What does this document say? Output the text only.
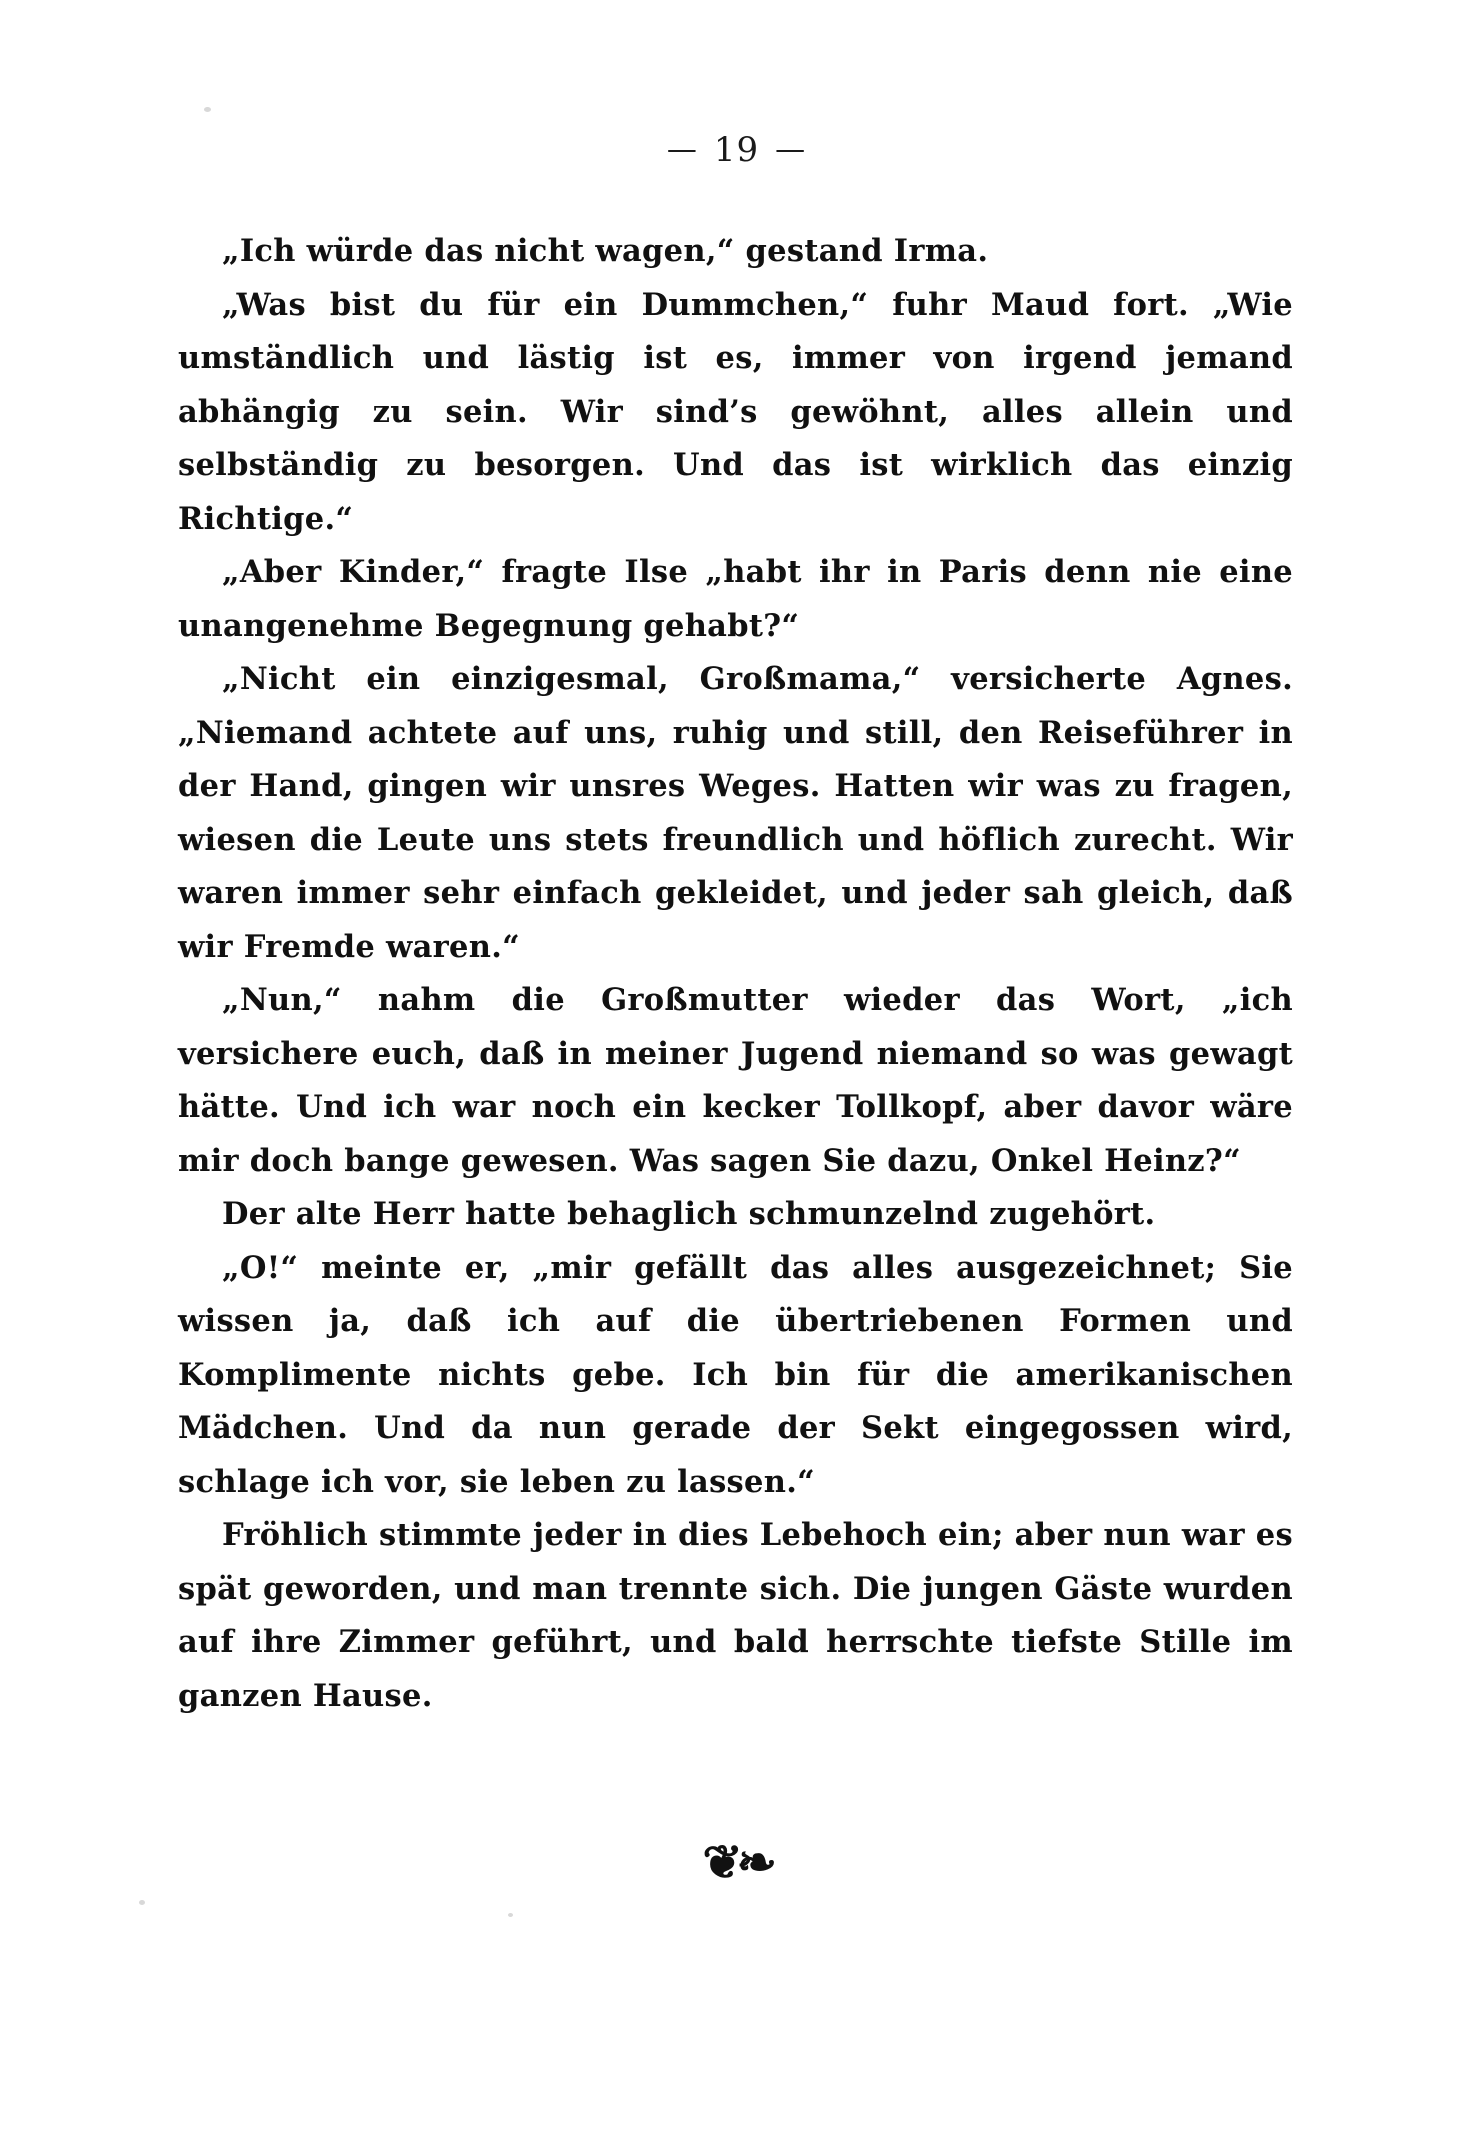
— 19 —

„Ich würde das nicht wagen,“ gestand Irma.

„Was bist du für ein Dummchen,“ fuhr Maud fort. „Wie umständlich und lästig ist es, immer von irgend jemand abhängig zu sein. Wir sind’s gewöhnt, alles allein und selbständig zu besorgen. Und das ist wirklich das einzig Richtige.“

„Aber Kinder,“ fragte Ilse „habt ihr in Paris denn nie eine unangenehme Begegnung gehabt?“

„Nicht ein einzigesmal, Großmama,“ versicherte Agnes. „Niemand achtete auf uns, ruhig und still, den Reiseführer in der Hand, gingen wir unsres Weges. Hatten wir was zu fragen, wiesen die Leute uns stets freundlich und höflich zurecht. Wir waren immer sehr einfach gekleidet, und jeder sah gleich, daß wir Fremde waren.“

„Nun,“ nahm die Großmutter wieder das Wort, „ich versichere euch, daß in meiner Jugend niemand so was gewagt hätte. Und ich war noch ein kecker Tollkopf, aber davor wäre mir doch bange gewesen. Was sagen Sie dazu, Onkel Heinz?“

Der alte Herr hatte behaglich schmunzelnd zugehört.

„O!“ meinte er, „mir gefällt das alles ausgezeichnet; Sie wissen ja, daß ich auf die übertriebenen Formen und Komplimente nichts gebe. Ich bin für die amerikanischen Mädchen. Und da nun gerade der Sekt eingegossen wird, schlage ich vor, sie leben zu lassen.“

Fröhlich stimmte jeder in dies Lebehoch ein; aber nun war es spät geworden, und man trennte sich. Die jungen Gäste wurden auf ihre Zimmer geführt, und bald herrschte tiefste Stille im ganzen Hause.

❦❧
